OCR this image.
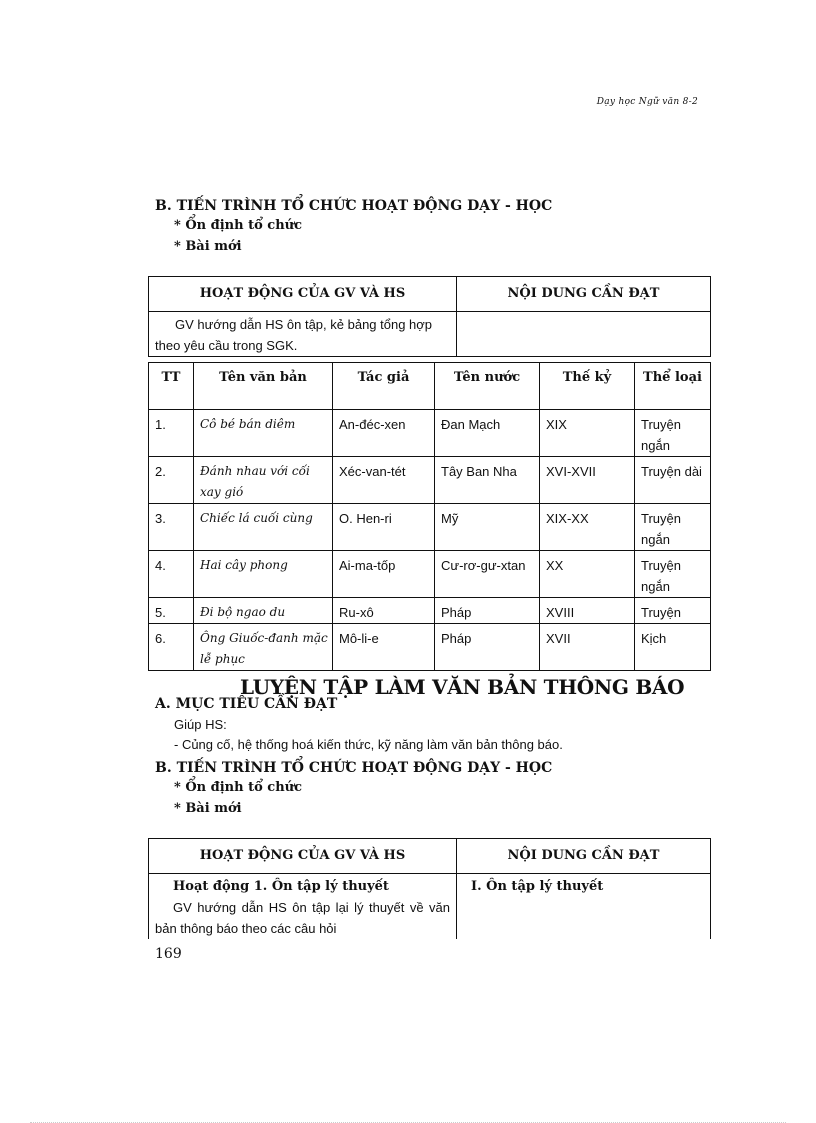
Dạy học Ngữ văn 8-2
B. TIẾN TRÌNH TỔ CHỨC HOẠT ĐỘNG DẠY - HỌC
* Ổn định tổ chức
* Bài mới
HOẠT ĐỘNG CỦA GV VÀ HS	NỘI DUNG CẦN ĐẠT
GV hướng dẫn HS ôn tập, kẻ bảng tổng hợp theo yêu cầu trong SGK.	
TT	Tên văn bản	Tác giả	Tên nước	Thế kỷ	Thể loại
1.	Cô bé bán diêm	An-đéc-xen	Đan Mạch	XIX	Truyện ngắn
2.	Đánh nhau với cối xay gió	Xéc-van-tét	Tây Ban Nha	XVI-XVII	Truyện dài
3.	Chiếc lá cuối cùng	O. Hen-ri	Mỹ	XIX-XX	Truyện ngắn
4.	Hai cây phong	Ai-ma-tốp	Cư-rơ-gư-xtan	XX	Truyện ngắn
5.	Đi bộ ngao du	Ru-xô	Pháp	XVIII	Truyện
6.	Ông Giuốc-đanh mặc lễ phục	Mô-li-e	Pháp	XVII	Kịch
LUYỆN TẬP LÀM VĂN BẢN THÔNG BÁO
A. MỤC TIÊU CẦN ĐẠT
Giúp HS:
- Củng cố, hệ thống hoá kiến thức, kỹ năng làm văn bản thông báo.
B. TIẾN TRÌNH TỔ CHỨC HOẠT ĐỘNG DẠY - HỌC
* Ổn định tổ chức
* Bài mới
HOẠT ĐỘNG CỦA GV VÀ HS	NỘI DUNG CẦN ĐẠT

Hoạt động 1. Ôn tập lý thuyết
GV hướng dẫn HS ôn tập lại lý thuyết về văn bản thông báo theo các câu hỏi	I. Ôn tập lý thuyết
169
